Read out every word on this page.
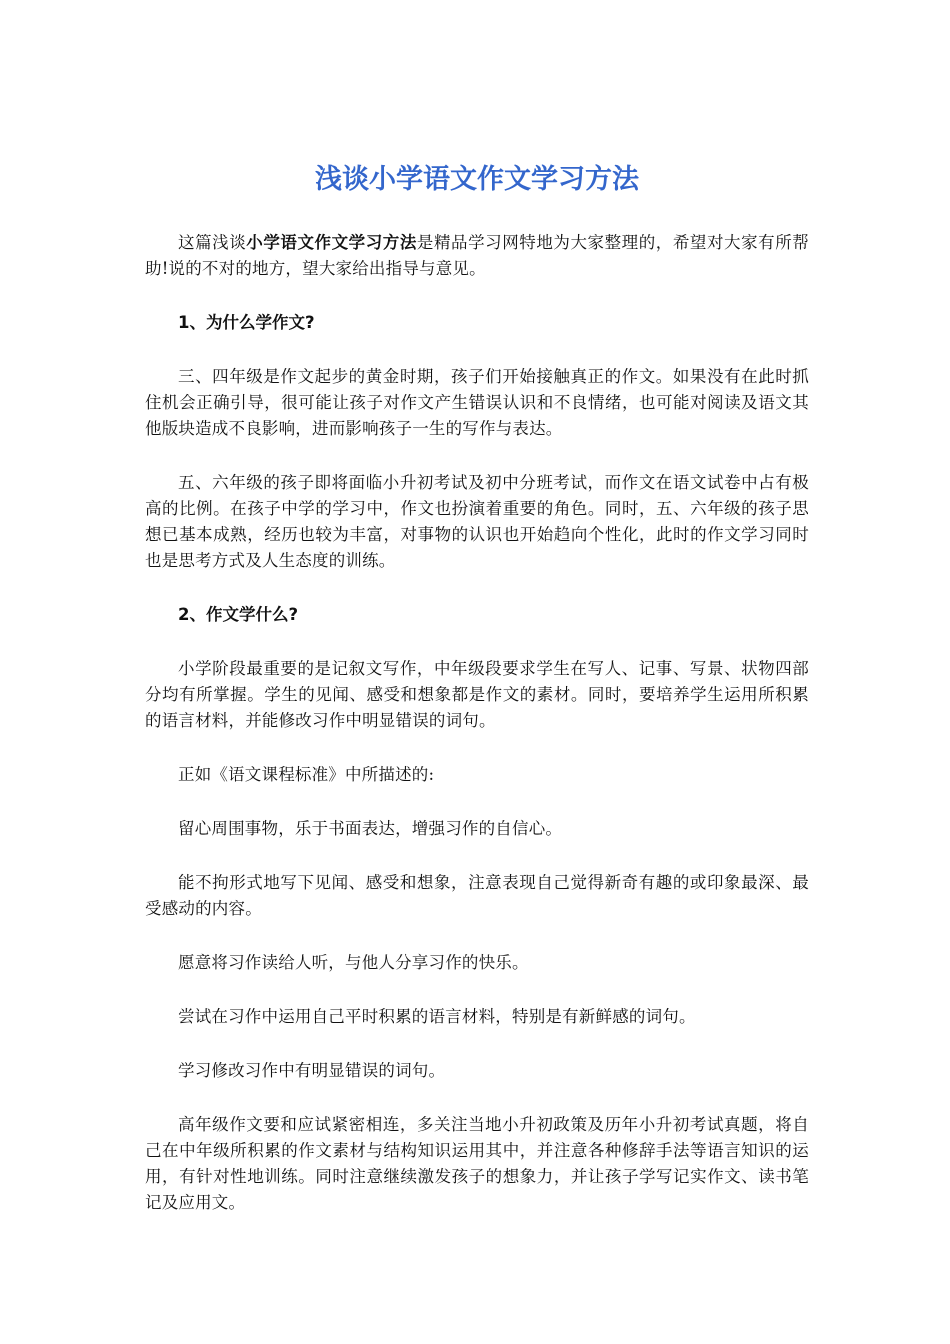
浅谈小学语文作文学习方法

这篇浅谈小学语文作文学习方法是精品学习网特地为大家整理的，希望对大家有所帮助!说的不对的地方，望大家给出指导与意见。

1、为什么学作文?

三、四年级是作文起步的黄金时期，孩子们开始接触真正的作文。如果没有在此时抓住机会正确引导，很可能让孩子对作文产生错误认识和不良情绪，也可能对阅读及语文其他版块造成不良影响，进而影响孩子一生的写作与表达。

五、六年级的孩子即将面临小升初考试及初中分班考试，而作文在语文试卷中占有极高的比例。在孩子中学的学习中，作文也扮演着重要的角色。同时，五、六年级的孩子思想已基本成熟，经历也较为丰富，对事物的认识也开始趋向个性化，此时的作文学习同时也是思考方式及人生态度的训练。

2、作文学什么?

小学阶段最重要的是记叙文写作，中年级段要求学生在写人、记事、写景、状物四部分均有所掌握。学生的见闻、感受和想象都是作文的素材。同时，要培养学生运用所积累的语言材料，并能修改习作中明显错误的词句。

正如《语文课程标准》中所描述的:

留心周围事物，乐于书面表达，增强习作的自信心。

能不拘形式地写下见闻、感受和想象，注意表现自己觉得新奇有趣的或印象最深、最受感动的内容。

愿意将习作读给人听，与他人分享习作的快乐。

尝试在习作中运用自己平时积累的语言材料，特别是有新鲜感的词句。

学习修改习作中有明显错误的词句。

高年级作文要和应试紧密相连，多关注当地小升初政策及历年小升初考试真题，将自己在中年级所积累的作文素材与结构知识运用其中，并注意各种修辞手法等语言知识的运用，有针对性地训练。同时注意继续激发孩子的想象力，并让孩子学写记实作文、读书笔记及应用文。
